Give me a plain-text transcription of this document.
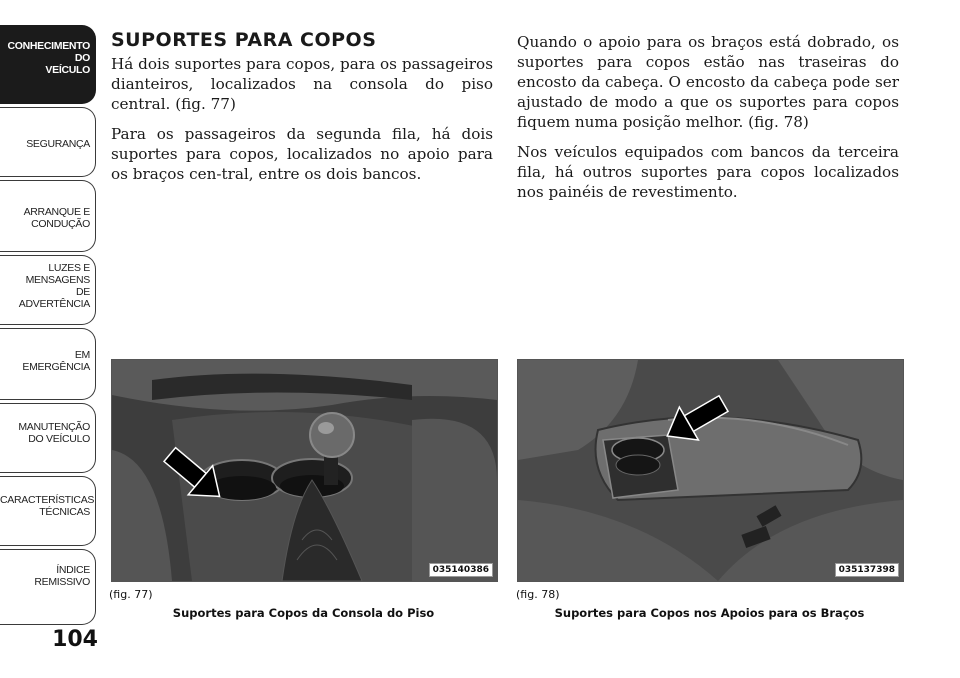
CONHECIMENTO
DO
VEÍCULO
SEGURANÇA
ARRANQUE E
CONDUÇÃO
LUZES E
MENSAGENS
DE
ADVERTÊNCIA
EM
EMERGÊNCIA
MANUTENÇÃO
DO VEÍCULO
CARACTERÍSTICAS
TÉCNICAS
ÍNDICE
REMISSIVO
104
SUPORTES PARA COPOS

Há dois suportes para copos, para os passageiros dianteiros, localizados na consola do piso central. (fig. 77)

Para os passageiros da segunda fila, há dois suportes para copos, localizados no apoio para os braços cen-tral, entre os dois bancos.

Quando o apoio para os braços está dobrado, os suportes para copos estão nas traseiras do encosto da cabeça. O encosto da cabeça pode ser ajustado de modo a que os suportes para copos fiquem numa posição melhor. (fig. 78)

Nos veículos equipados com bancos da terceira fila, há outros suportes para copos localizados nos painéis de revestimento.

035140386
(fig. 77)
Suportes para Copos da Consola do Piso
035137398
(fig. 78)
Suportes para Copos nos Apoios para os Braços
